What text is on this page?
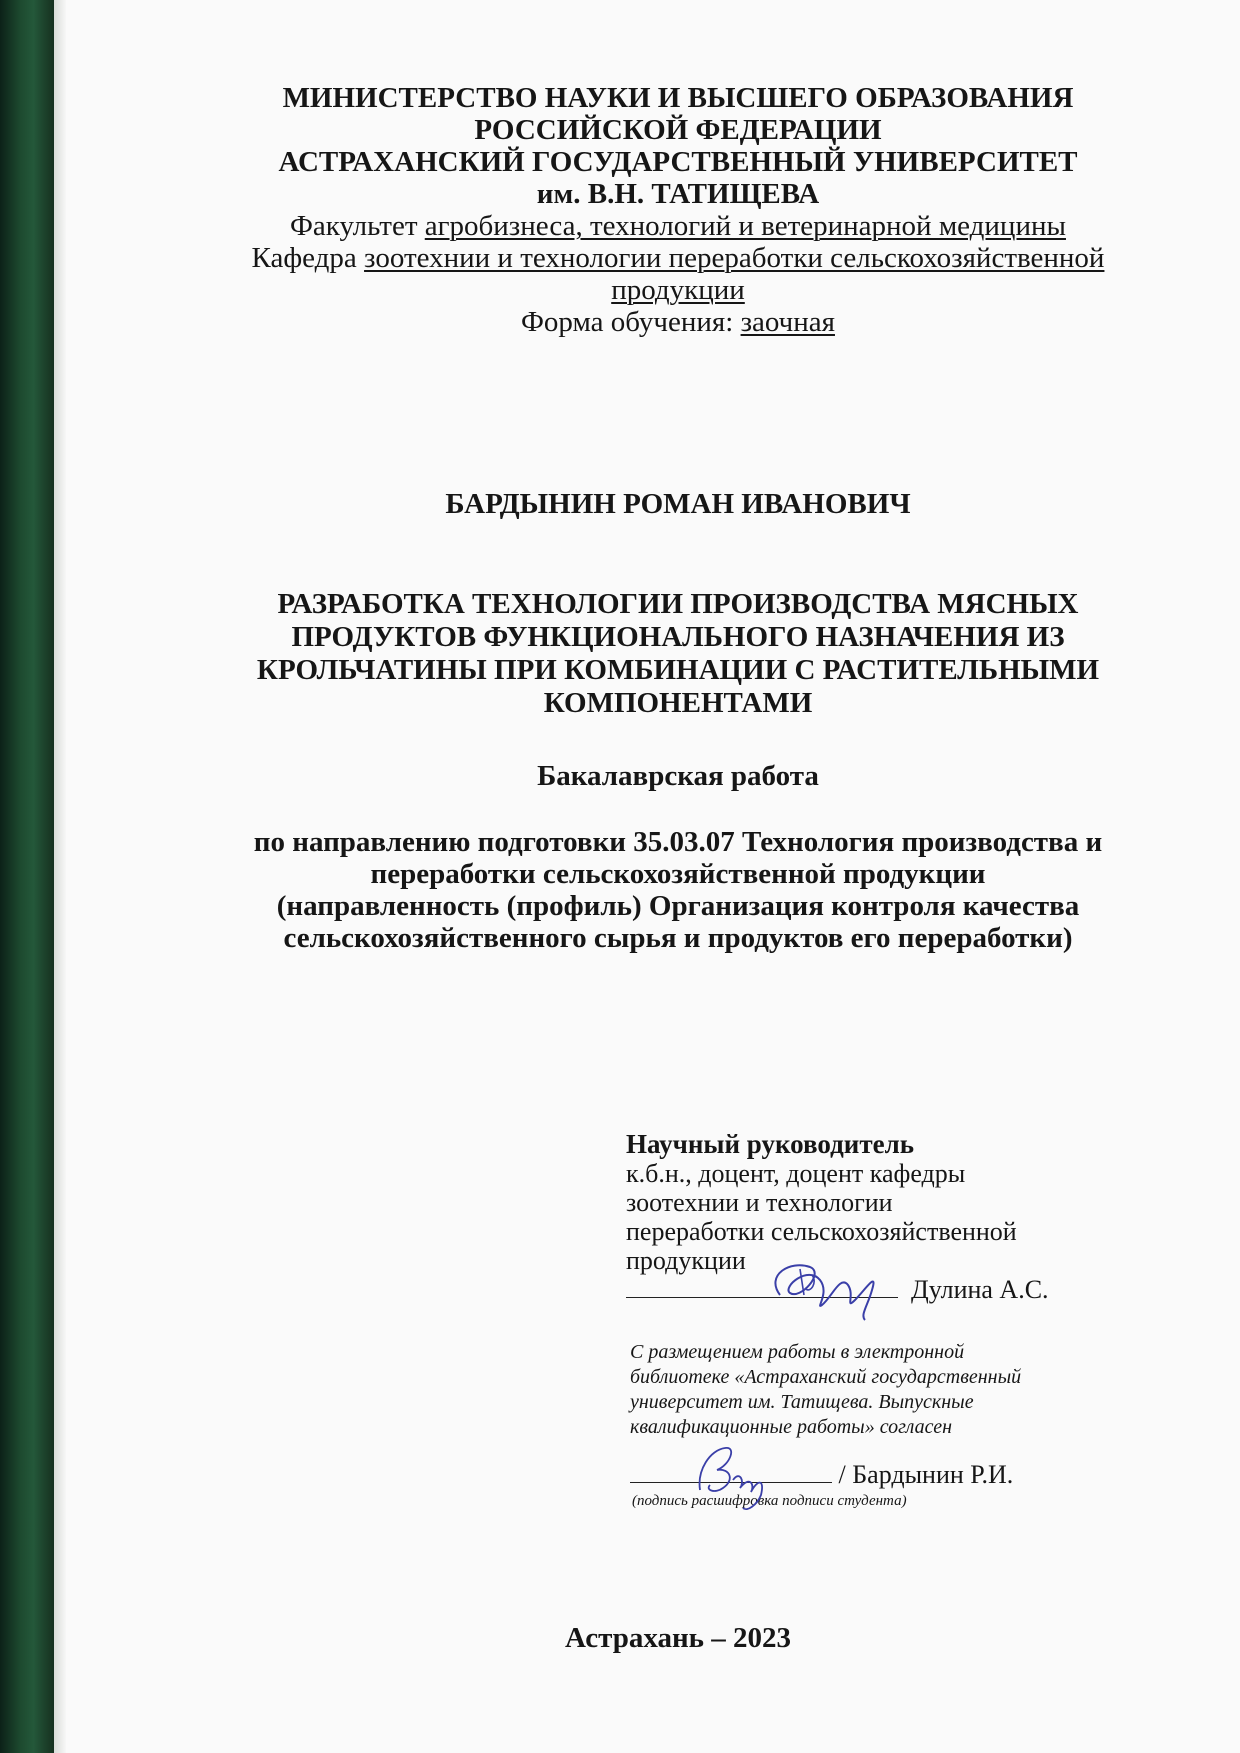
МИНИСТЕРСТВО НАУКИ И ВЫСШЕГО ОБРАЗОВАНИЯ
РОССИЙСКОЙ ФЕДЕРАЦИИ
АСТРАХАНСКИЙ ГОСУДАРСТВЕННЫЙ УНИВЕРСИТЕТ
им. В.Н. ТАТИЩЕВА
Факультет агробизнеса, технологий и ветеринарной медицины
Кафедра зоотехнии и технологии переработки сельскохозяйственной
продукции
Форма обучения: заочная
БАРДЫНИН РОМАН ИВАНОВИЧ
РАЗРАБОТКА ТЕХНОЛОГИИ ПРОИЗВОДСТВА МЯСНЫХ
ПРОДУКТОВ ФУНКЦИОНАЛЬНОГО НАЗНАЧЕНИЯ ИЗ
КРОЛЬЧАТИНЫ ПРИ КОМБИНАЦИИ С РАСТИТЕЛЬНЫМИ
КОМПОНЕНТАМИ
Бакалаврская работа
по направлению подготовки 35.03.07 Технология производства и
переработки сельскохозяйственной продукции
(направленность (профиль) Организация контроля качества
сельскохозяйственного сырья и продуктов его переработки)
Научный руководитель
к.б.н., доцент, доцент кафедры
зоотехнии и технологии
переработки сельскохозяйственной
продукции
Дулина А.С.
С размещением работы в электронной
библиотеке «Астраханский государственный
университет им. Татищева. Выпускные
квалификационные работы» согласен
/ Бардынин Р.И.
(подпись расшифровка подписи студента)
Астрахань – 2023
